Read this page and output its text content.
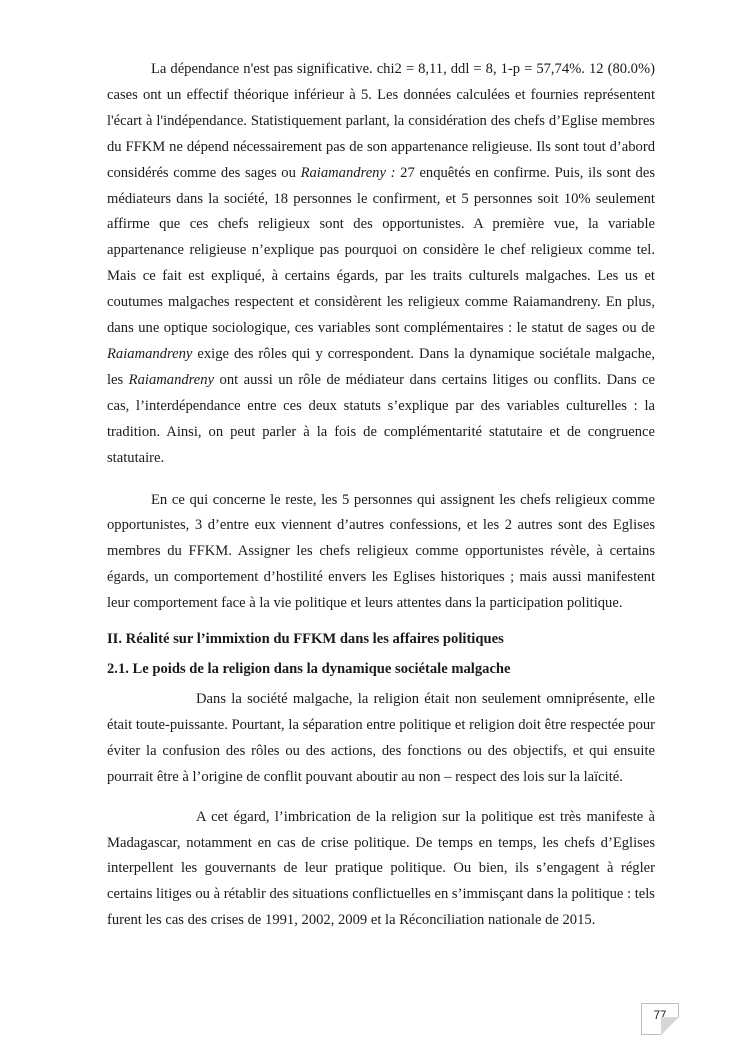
La dépendance n'est pas significative. chi2 = 8,11, ddl = 8, 1-p = 57,74%. 12 (80.0%) cases ont un effectif théorique inférieur à 5. Les données calculées et fournies représentent l'écart à l'indépendance. Statistiquement parlant, la considération des chefs d’Eglise membres du FFKM ne dépend nécessairement pas de son appartenance religieuse. Ils sont tout d’abord considérés comme des sages ou Raiamandreny : 27 enquêtés en confirme. Puis, ils sont des médiateurs dans la société, 18 personnes le confirment, et 5 personnes soit 10% seulement affirme que ces chefs religieux sont des opportunistes. A première vue, la variable appartenance religieuse n’explique pas pourquoi on considère le chef religieux comme tel. Mais ce fait est expliqué, à certains égards, par les traits culturels malgaches. Les us et coutumes malgaches respectent et considèrent les religieux comme Raiamandreny. En plus, dans une optique sociologique, ces variables sont complémentaires : le statut de sages ou de Raiamandreny exige des rôles qui y correspondent. Dans la dynamique sociétale malgache, les Raiamandreny ont aussi un rôle de médiateur dans certains litiges ou conflits. Dans ce cas, l’interdépendance entre ces deux statuts s’explique par des variables culturelles : la tradition. Ainsi, on peut parler à la fois de complémentarité statutaire et de congruence statutaire.

En ce qui concerne le reste, les 5 personnes qui assignent les chefs religieux comme opportunistes, 3 d’entre eux viennent d’autres confessions, et les 2 autres sont des Eglises membres du FFKM. Assigner les chefs religieux comme opportunistes révèle, à certains égards, un comportement d’hostilité envers les Eglises historiques ; mais aussi manifestent leur comportement face à la vie politique et leurs attentes dans la participation politique.

II. Réalité sur l’immixtion du FFKM dans les affaires politiques
2.1. Le poids de la religion dans la dynamique sociétale malgache

Dans la société malgache, la religion était non seulement omniprésente, elle était toute-puissante. Pourtant, la séparation entre politique et religion doit être respectée pour éviter la confusion des rôles ou des actions, des fonctions ou des objectifs, et qui ensuite pourrait être à l’origine de conflit pouvant aboutir au non – respect des lois sur la laïcité.

A cet égard, l’imbrication de la religion sur la politique est très manifeste à Madagascar, notamment en cas de crise politique. De temps en temps, les chefs d’Eglises interpellent les gouvernants de leur pratique politique. Ou bien, ils s’engagent à régler certains litiges ou à rétablir des situations conflictuelles en s’immisçant dans la politique : tels furent les cas des crises de 1991, 2002, 2009 et la Réconciliation nationale de 2015.

77
